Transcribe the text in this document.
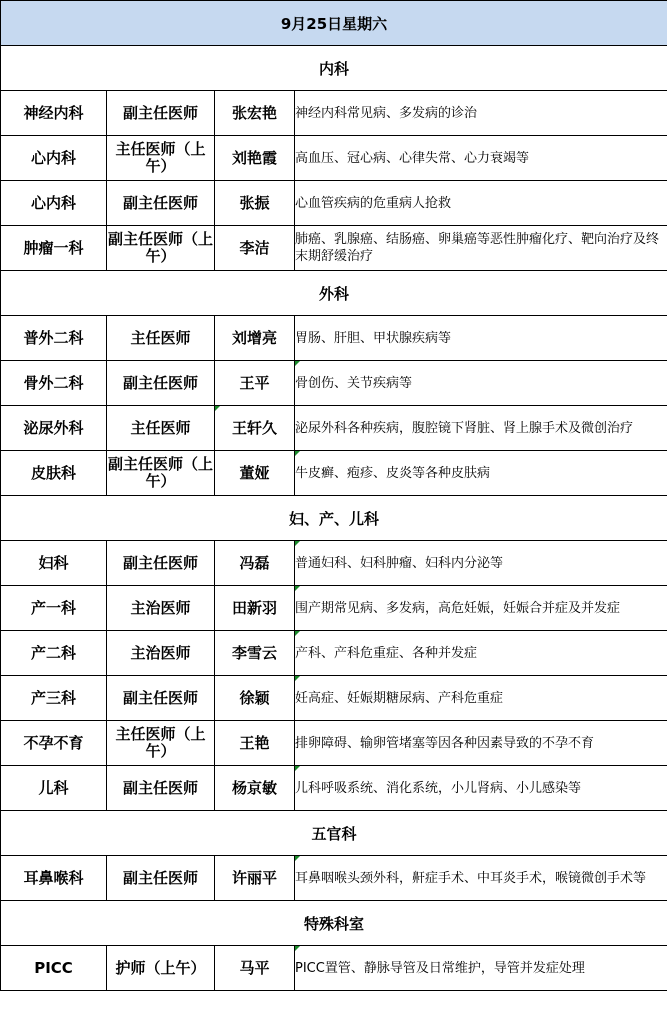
9月25日星期六			
内科			
神经内科	副主任医师	张宏艳	神经内科常见病、多发病的诊治
心内科	主任医师（上午）	刘艳霞	高血压、冠心病、心律失常、心力衰竭等
心内科	副主任医师	张振	心血管疾病的危重病人抢救
肿瘤一科	副主任医师（上午）	李洁	肺癌、乳腺癌、结肠癌、卵巢癌等恶性肿瘤化疗、靶向治疗及终末期舒缓治疗
外科			
普外二科	主任医师	刘增亮	胃肠、肝胆、甲状腺疾病等
骨外二科	副主任医师	王平	骨创伤、关节疾病等
泌尿外科	主任医师	王轩久	泌尿外科各种疾病，腹腔镜下肾脏、肾上腺手术及微创治疗
皮肤科	副主任医师（上午）	董娅	牛皮癣、疱疹、皮炎等各种皮肤病
妇、产、儿科			
妇科	副主任医师	冯磊	普通妇科、妇科肿瘤、妇科内分泌等
产一科	主治医师	田新羽	围产期常见病、多发病，高危妊娠，妊娠合并症及并发症
产二科	主治医师	李雪云	产科、产科危重症、各种并发症
产三科	副主任医师	徐颖	妊高症、妊娠期糖尿病、产科危重症
不孕不育	主任医师（上午）	王艳	排卵障碍、输卵管堵塞等因各种因素导致的不孕不育
儿科	副主任医师	杨京敏	儿科呼吸系统、消化系统，小儿肾病、小儿感染等
五官科			
耳鼻喉科	副主任医师	许丽平	耳鼻咽喉头颈外科，鼾症手术、中耳炎手术，喉镜微创手术等
特殊科室			
PICC	护师（上午）	马平	PICC置管、静脉导管及日常维护，导管并发症处理
